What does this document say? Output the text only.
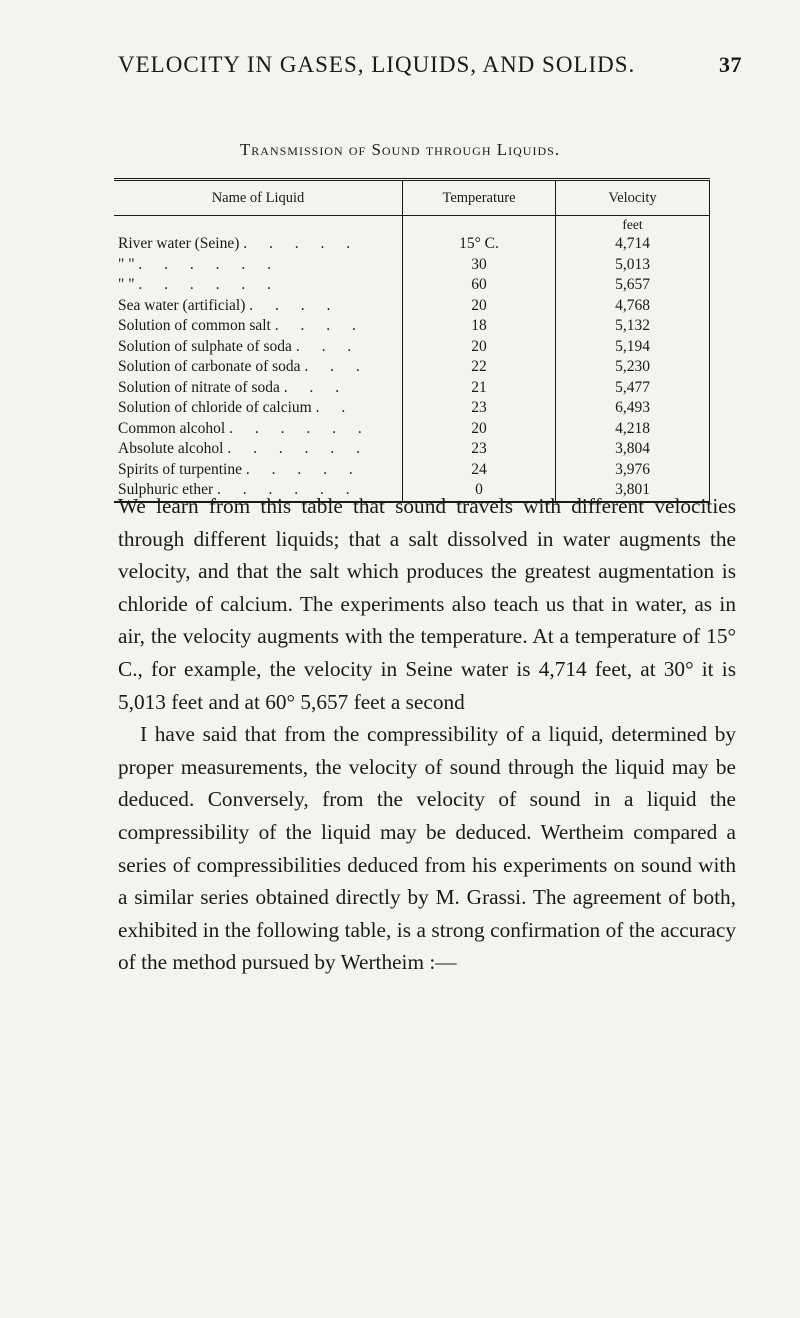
VELOCITY IN GASES, LIQUIDS, AND SOLIDS.	37
Transmission of Sound through Liquids.
Name of Liquid	Temperature	Velocity
		feet
River water (Seine) . . . . .	15° C.	4,714
" " . . . . . .	30	5,013
" " . . . . . .	60	5,657
Sea water (artificial) . . . .	20	4,768
Solution of common salt . . . .	18	5,132
Solution of sulphate of soda . . .	20	5,194
Solution of carbonate of soda . . .	22	5,230
Solution of nitrate of soda . . .	21	5,477
Solution of chloride of calcium . .	23	6,493
Common alcohol . . . . . .	20	4,218
Absolute alcohol . . . . . .	23	3,804
Spirits of turpentine . . . . .	24	3,976
Sulphuric ether . . . . . .	0	3,801

We learn from this table that sound travels with different velocities through different liquids; that a salt dissolved in water augments the velocity, and that the salt which produces the greatest augmentation is chloride of calcium. The experiments also teach us that in water, as in air, the velocity augments with the temperature. At a temperature of 15° C., for example, the velocity in Seine water is 4,714 feet, at 30° it is 5,013 feet and at 60° 5,657 feet a second

I have said that from the compressibility of a liquid, determined by proper measurements, the velocity of sound through the liquid may be deduced. Conversely, from the velocity of sound in a liquid the compressibility of the liquid may be deduced. Wertheim compared a series of compressibilities deduced from his experiments on sound with a similar series obtained directly by M. Grassi. The agreement of both, exhibited in the following table, is a strong confirmation of the accuracy of the method pursued by Wertheim :—
